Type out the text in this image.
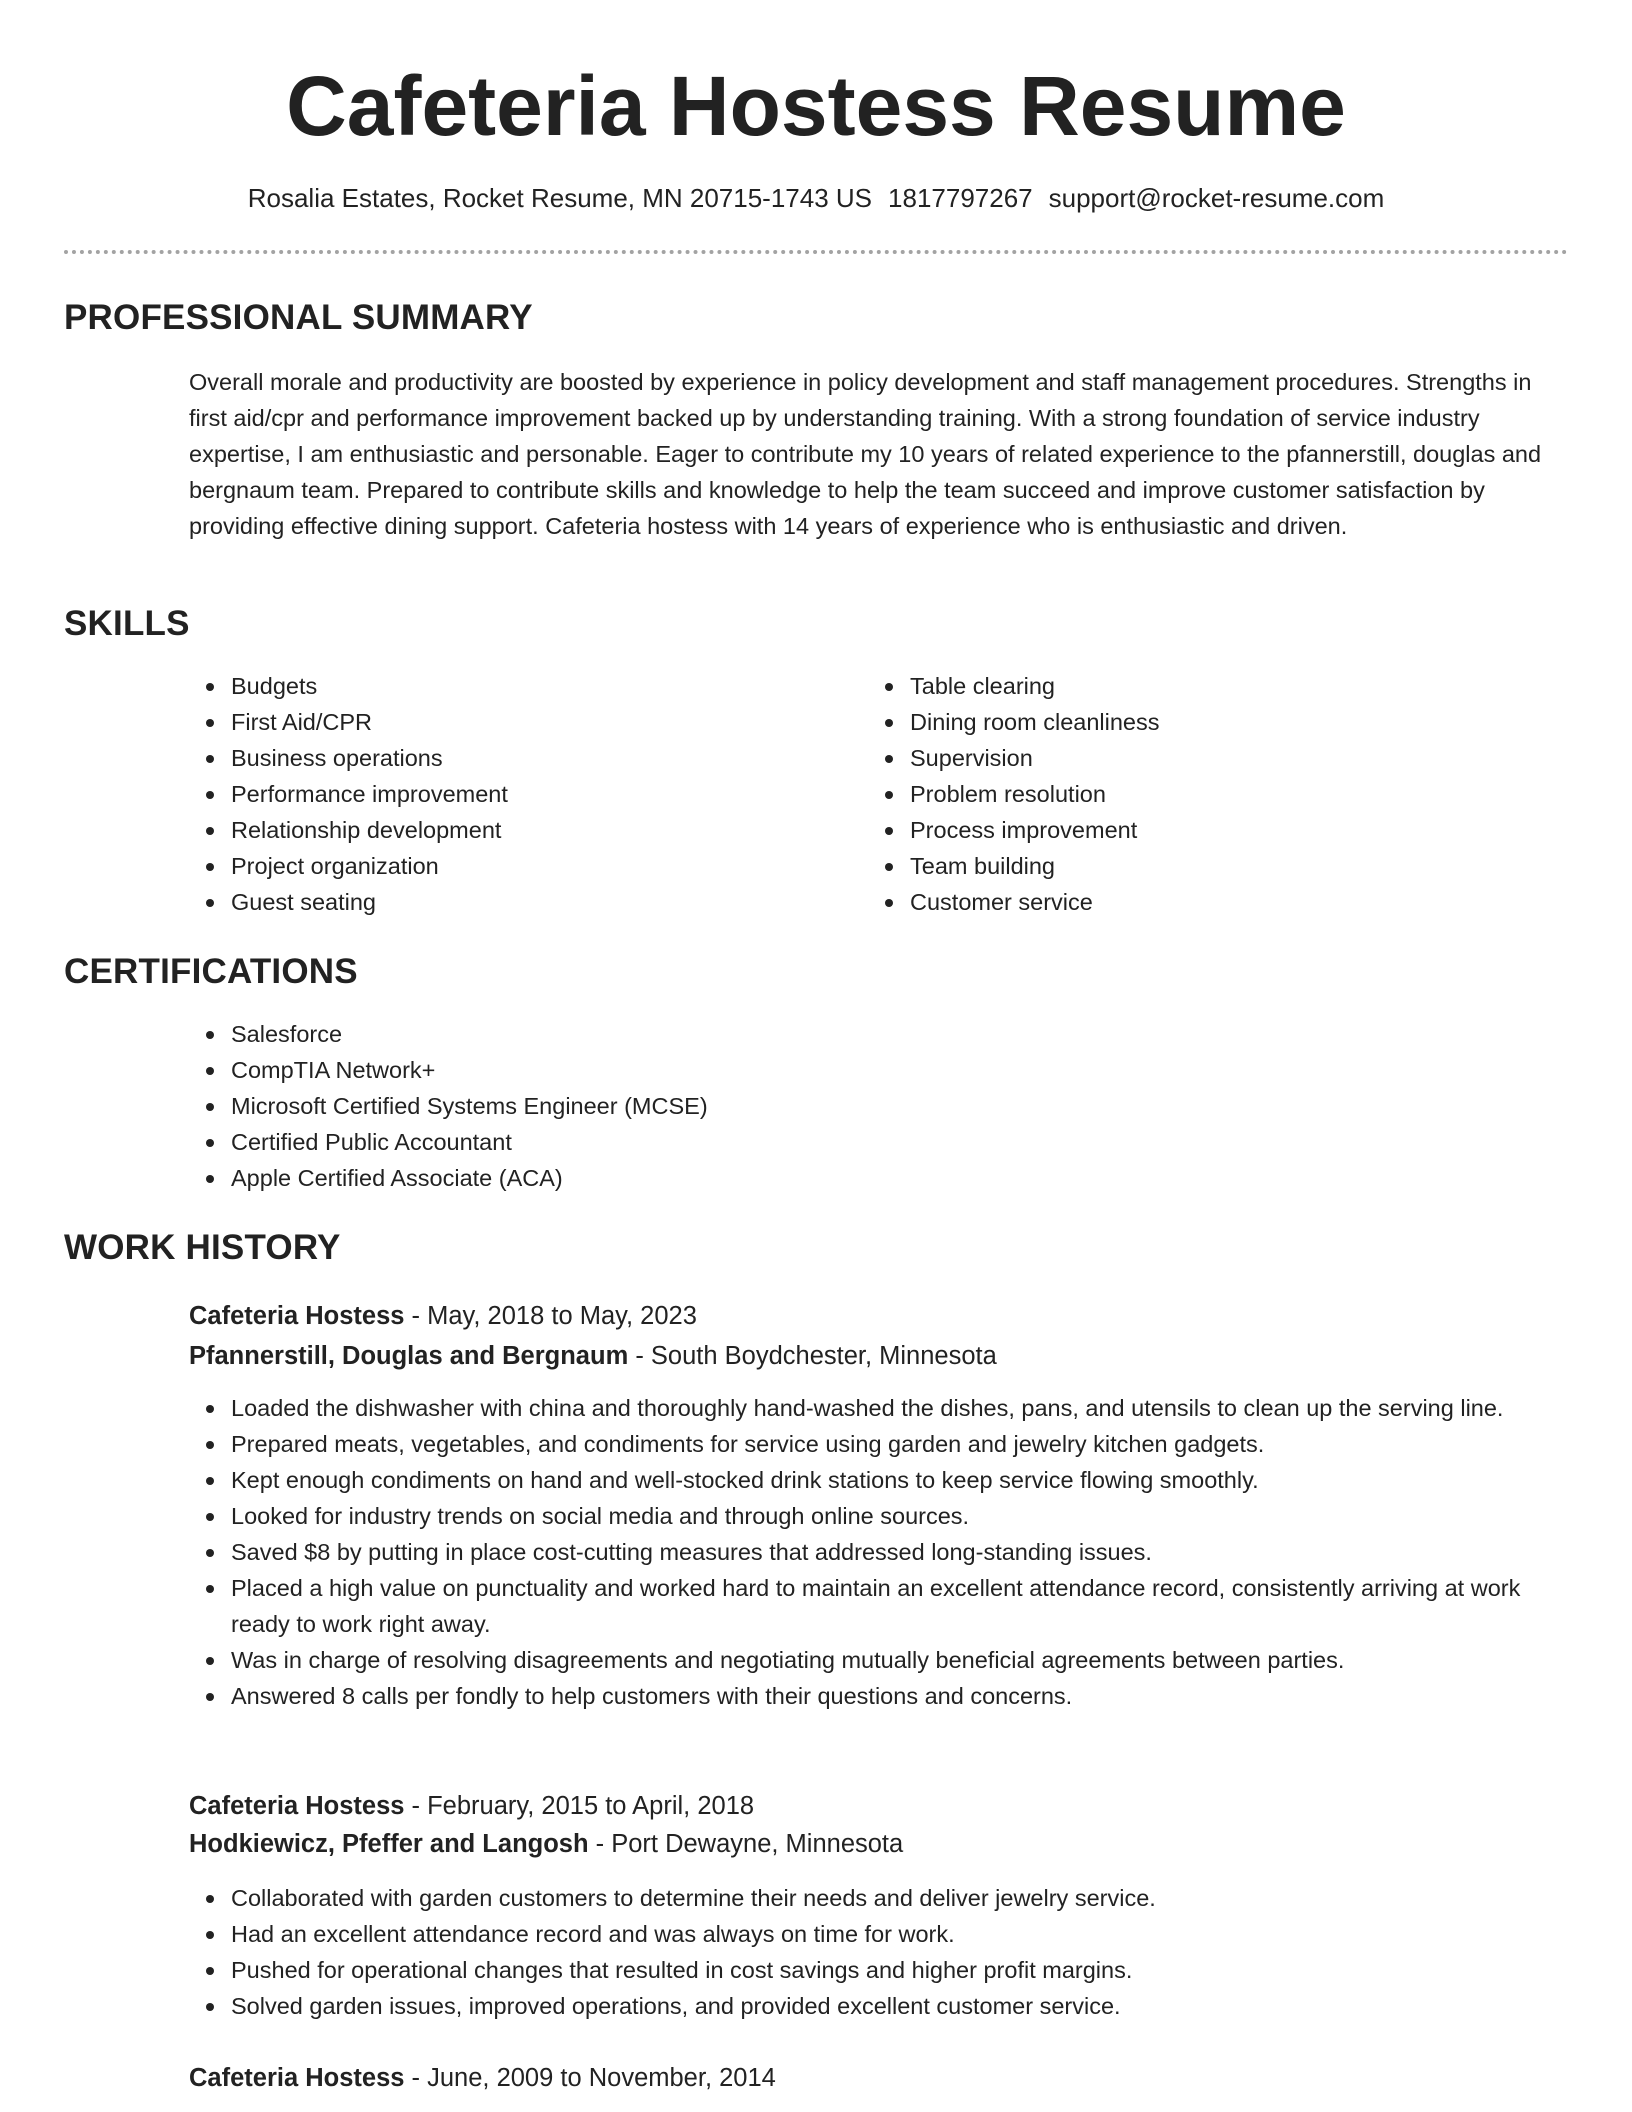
Cafeteria Hostess Resume
Rosalia Estates, Rocket Resume, MN 20715-1743 US 1817797267 support@rocket-resume.com
PROFESSIONAL SUMMARY

Overall morale and productivity are boosted by experience in policy development and staff management procedures. Strengths in first aid/cpr and performance improvement backed up by understanding training. With a strong foundation of service industry expertise, I am enthusiastic and personable. Eager to contribute my 10 years of related experience to the pfannerstill, douglas and bergnaum team. Prepared to contribute skills and knowledge to help the team succeed and improve customer satisfaction by providing effective dining support. Cafeteria hostess with 14 years of experience who is enthusiastic and driven.

SKILLS
Budgets
First Aid/CPR
Business operations
Performance improvement
Relationship development
Project organization
Guest seating
Table clearing
Dining room cleanliness
Supervision
Problem resolution
Process improvement
Team building
Customer service
CERTIFICATIONS
Salesforce
CompTIA Network+
Microsoft Certified Systems Engineer (MCSE)
Certified Public Accountant
Apple Certified Associate (ACA)
WORK HISTORY
Cafeteria Hostess - May, 2018 to May, 2023
Pfannerstill, Douglas and Bergnaum - South Boydchester, Minnesota
Loaded the dishwasher with china and thoroughly hand-washed the dishes, pans, and utensils to clean up the serving line.
Prepared meats, vegetables, and condiments for service using garden and jewelry kitchen gadgets.
Kept enough condiments on hand and well-stocked drink stations to keep service flowing smoothly.
Looked for industry trends on social media and through online sources.
Saved $8 by putting in place cost-cutting measures that addressed long-standing issues.
Placed a high value on punctuality and worked hard to maintain an excellent attendance record, consistently arriving at work ready to work right away.
Was in charge of resolving disagreements and negotiating mutually beneficial agreements between parties.
Answered 8 calls per fondly to help customers with their questions and concerns.
Cafeteria Hostess - February, 2015 to April, 2018
Hodkiewicz, Pfeffer and Langosh - Port Dewayne, Minnesota
Collaborated with garden customers to determine their needs and deliver jewelry service.
Had an excellent attendance record and was always on time for work.
Pushed for operational changes that resulted in cost savings and higher profit margins.
Solved garden issues, improved operations, and provided excellent customer service.
Cafeteria Hostess - June, 2009 to November, 2014
